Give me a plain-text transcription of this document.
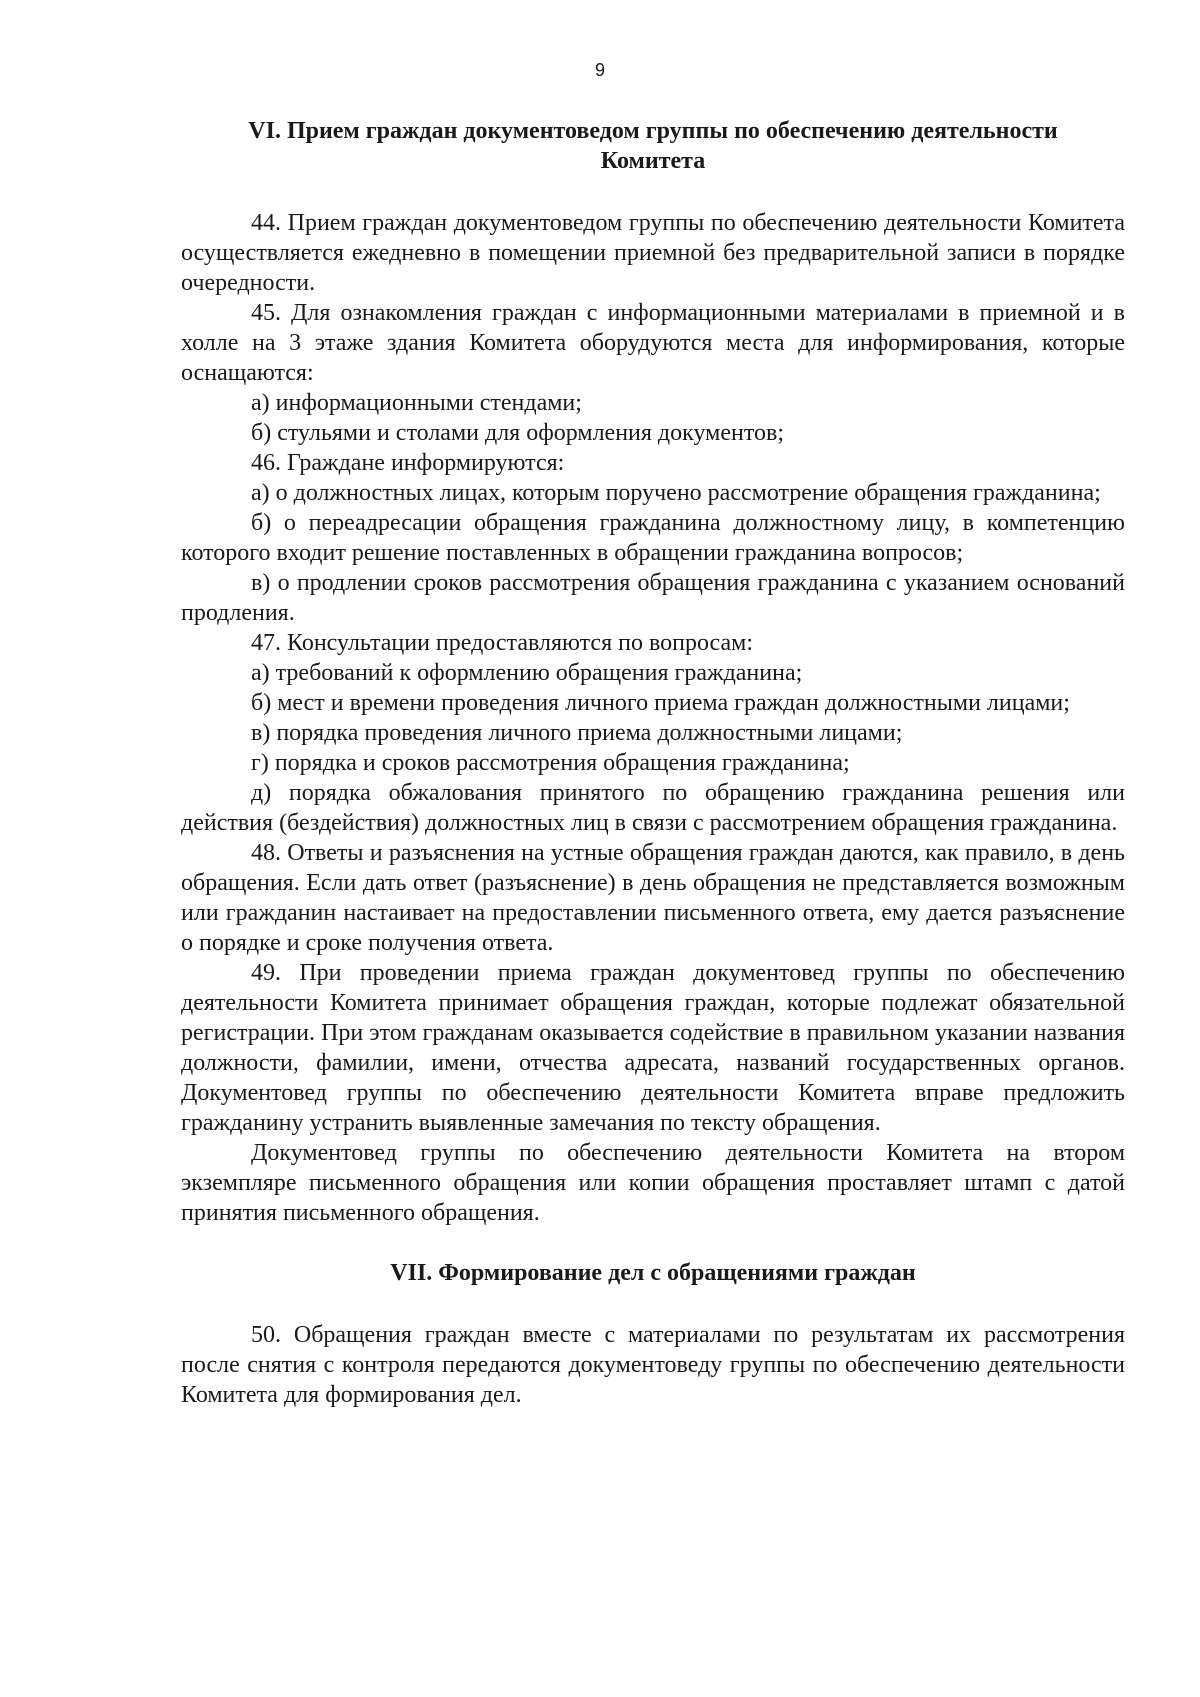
9
VI. Прием граждан документоведом группы по обеспечению деятельности
Комитета

44. Прием граждан документоведом группы по обеспечению деятельности Комитета осуществляется ежедневно в помещении приемной без предварительной записи в порядке очередности.

45. Для ознакомления граждан с информационными материалами в приемной и в холле на 3 этаже здания Комитета оборудуются места для информирования, которые оснащаются:

а) информационными стендами;

б) стульями и столами для оформления документов;

46. Граждане информируются:

а) о должностных лицах, которым поручено рассмотрение обращения гражданина;

б) о переадресации обращения гражданина должностному лицу, в компетенцию которого входит решение поставленных в обращении гражданина вопросов;

в) о продлении сроков рассмотрения обращения гражданина с указанием оснований продления.

47. Консультации предоставляются по вопросам:

а) требований к оформлению обращения гражданина;

б) мест и времени проведения личного приема граждан должностными лицами;

в) порядка проведения личного приема должностными лицами;

г) порядка и сроков рассмотрения обращения гражданина;

д) порядка обжалования принятого по обращению гражданина решения или действия (бездействия) должностных лиц в связи с рассмотрением обращения гражданина.

48. Ответы и разъяснения на устные обращения граждан даются, как правило, в день обращения. Если дать ответ (разъяснение) в день обращения не представляется возможным или гражданин настаивает на предоставлении письменного ответа, ему дается разъяснение о порядке и сроке получения ответа.

49. При проведении приема граждан документовед группы по обеспечению деятельности Комитета принимает обращения граждан, которые подлежат обязательной регистрации. При этом гражданам оказывается содействие в правильном указании названия должности, фамилии, имени, отчества адресата, названий государственных органов. Документовед группы по обеспечению деятельности Комитета вправе предложить гражданину устранить выявленные замечания по тексту обращения.

Документовед группы по обеспечению деятельности Комитета на втором экземпляре письменного обращения или копии обращения проставляет штамп с датой принятия письменного обращения.

VII. Формирование дел с обращениями граждан

50. Обращения граждан вместе с материалами по результатам их рассмотрения после снятия с контроля передаются документоведу группы по обеспечению деятельности Комитета для формирования дел.
